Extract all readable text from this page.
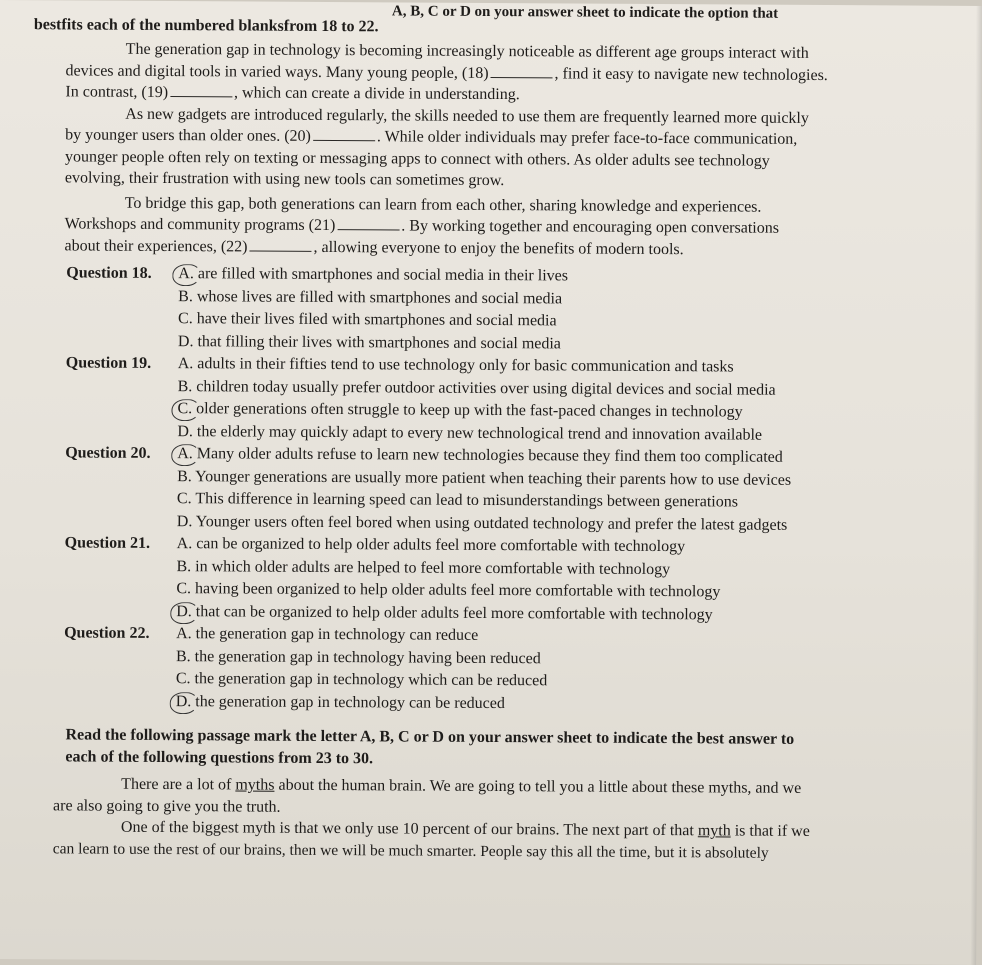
A, B, C or D on your answer sheet to indicate the option that
bestfits each of the numbered blanksfrom 18 to 22.
The generation gap in technology is becoming increasingly noticeable as different age groups interact with
devices and digital tools in varied ways. Many young people, (18)	, find it easy to navigate new technologies.
In contrast, (19)	, which can create a divide in understanding.
As new gadgets are introduced regularly, the skills needed to use them are frequently learned more quickly
by younger users than older ones. (20)	. While older individuals may prefer face-to-face communication,
younger people often rely on texting or messaging apps to connect with others. As older adults see technology
evolving, their frustration with using new tools can sometimes grow.
To bridge this gap, both generations can learn from each other, sharing knowledge and experiences.
Workshops and community programs (21)	. By working together and encouraging open conversations
about their experiences, (22)	, allowing everyone to enjoy the benefits of modern tools.
Question 18.	A. are filled with smartphones and social media in their lives
B. whose lives are filled with smartphones and social media
C. have their lives filed with smartphones and social media
D. that filling their lives with smartphones and social media
Question 19.	A. adults in their fifties tend to use technology only for basic communication and tasks
B. children today usually prefer outdoor activities over using digital devices and social media
C. older generations often struggle to keep up with the fast-paced changes in technology
D. the elderly may quickly adapt to every new technological trend and innovation available
Question 20.	A. Many older adults refuse to learn new technologies because they find them too complicated
B. Younger generations are usually more patient when teaching their parents how to use devices
C. This difference in learning speed can lead to misunderstandings between generations
D. Younger users often feel bored when using outdated technology and prefer the latest gadgets
Question 21.	A. can be organized to help older adults feel more comfortable with technology
B. in which older adults are helped to feel more comfortable with technology
C. having been organized to help older adults feel more comfortable with technology
D. that can be organized to help older adults feel more comfortable with technology
Question 22.	A. the generation gap in technology can reduce
B. the generation gap in technology having been reduced
C. the generation gap in technology which can be reduced
D. the generation gap in technology can be reduced
Read the following passage mark the letter A, B, C or D on your answer sheet to indicate the best answer to
each of the following questions from 23 to 30.
There are a lot of myths about the human brain. We are going to tell you a little about these myths, and we
are also going to give you the truth.
One of the biggest myth is that we only use 10 percent of our brains. The next part of that myth is that if we
can learn to use the rest of our brains, then we will be much smarter. People say this all the time, but it is absolutely
